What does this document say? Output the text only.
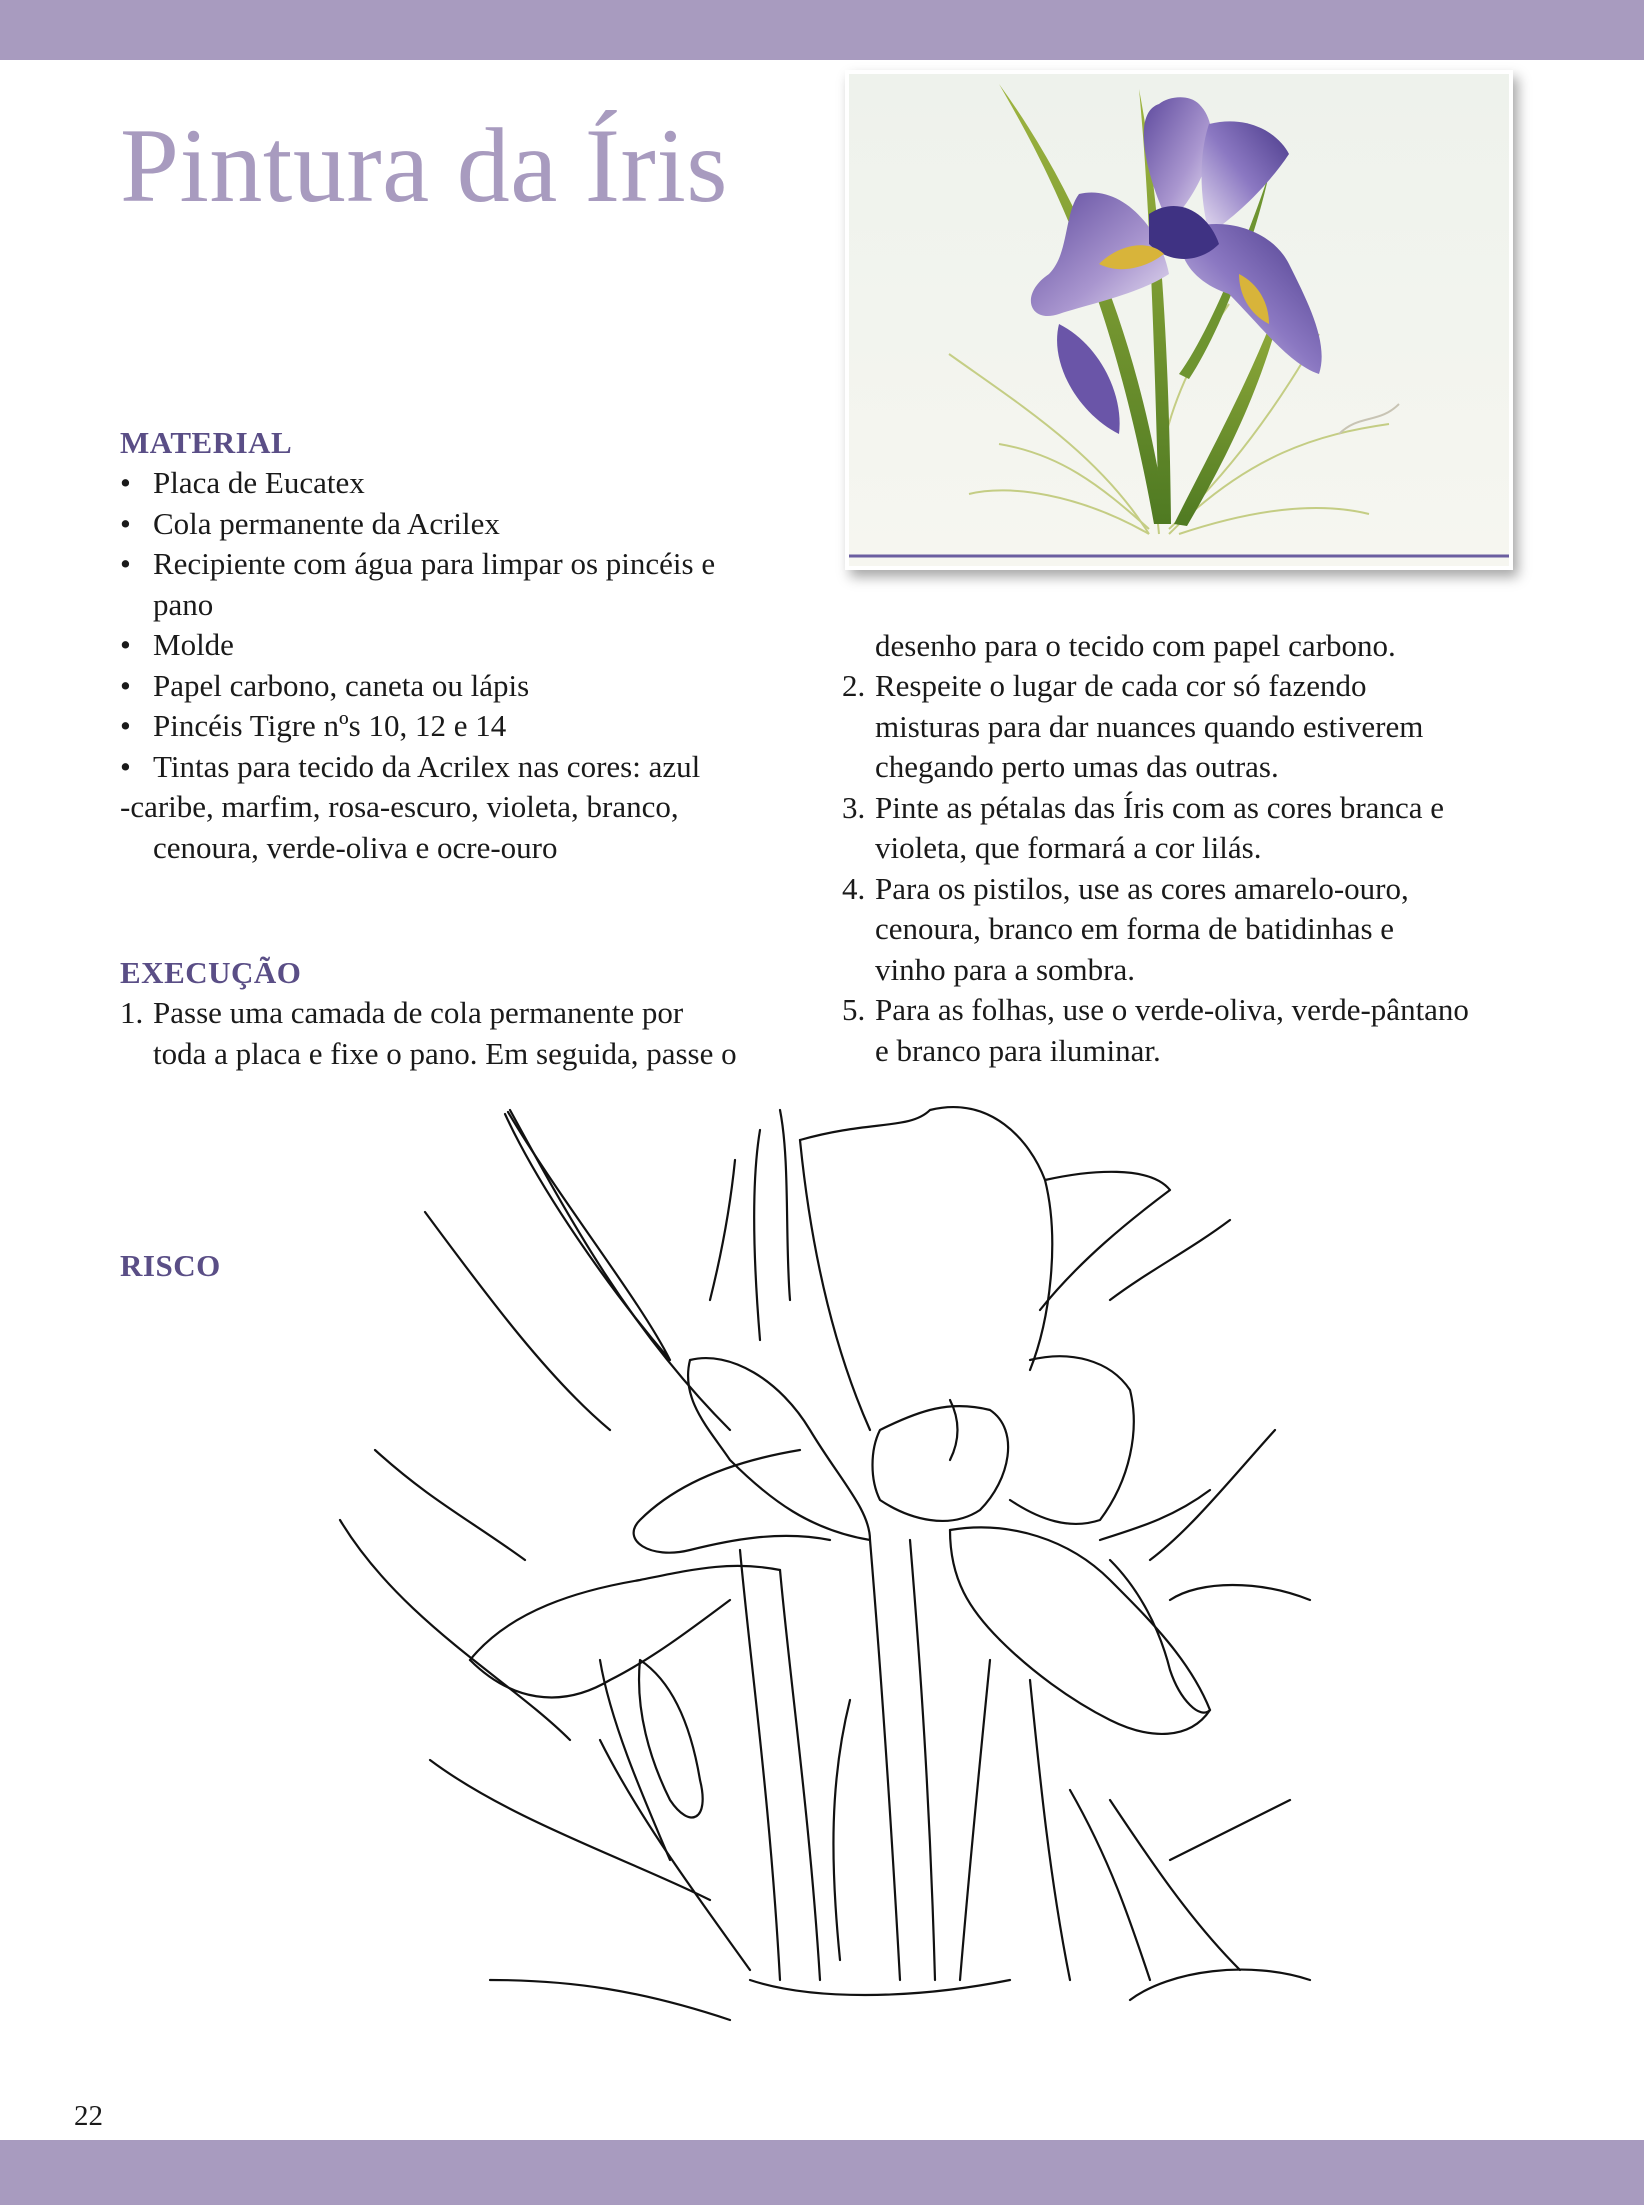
Pintura da Íris
MATERIAL
• Placa de Eucatex
• Cola permanente da Acrilex
• Recipiente com água para limpar os pincéis e
pano
• Molde
• Papel carbono, caneta ou lápis
• Pincéis Tigre nºs 10, 12 e 14
• Tintas para tecido da Acrilex nas cores: azul
-caribe, marfim, rosa-escuro, violeta, branco,
cenoura, verde-oliva e ocre-ouro
EXECUÇÃO
1. Passe uma camada de cola permanente por
toda a placa e fixe o pano. Em seguida, passe o
desenho para o tecido com papel carbono.
2. Respeite o lugar de cada cor só fazendo
misturas para dar nuances quando estiverem
chegando perto umas das outras.
3. Pinte as pétalas das Íris com as cores branca e
violeta, que formará a cor lilás.
4. Para os pistilos, use as cores amarelo-ouro,
cenoura, branco em forma de batidinhas e
vinho para a sombra.
5. Para as folhas, use o verde-oliva, verde-pântano
e branco para iluminar.
RISCO
22
